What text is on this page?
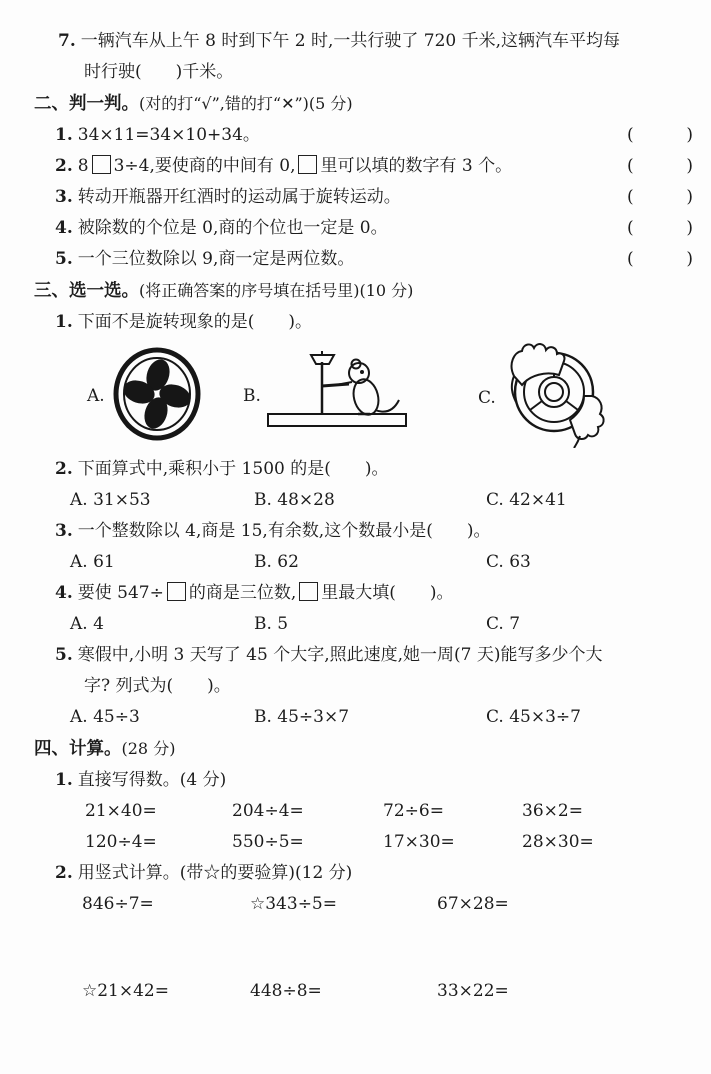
7. 一辆汽车从上午 8 时到下午 2 时,一共行驶了 720 千米,这辆汽车平均每
时行驶(　　)千米。
二、判一判。(对的打“√”,错的打“✕”)(5 分)
1. 34×11=34×10+34。	(	)
2. 8 3÷4,要使商的中间有 0, 里可以填的数字有 3 个。	(	)
3. 转动开瓶器开红酒时的运动属于旋转运动。	(	)
4. 被除数的个位是 0,商的个位也一定是 0。	(	)
5. 一个三位数除以 9,商一定是两位数。	(	)
三、选一选。(将正确答案的序号填在括号里)(10 分)
1. 下面不是旋转现象的是(　　)。
A.	B.	C.
2. 下面算式中,乘积小于 1500 的是(　　)。
A. 31×53	B. 48×28	C. 42×41
3. 一个整数除以 4,商是 15,有余数,这个数最小是(　　)。
A. 61	B. 62	C. 63
4. 要使 547÷ 的商是三位数, 里最大填(　　)。
A. 4	B. 5	C. 7
5. 寒假中,小明 3 天写了 45 个大字,照此速度,她一周(7 天)能写多少个大
字? 列式为(　　)。
A. 45÷3	B. 45÷3×7	C. 45×3÷7
四、计算。(28 分)
1. 直接写得数。(4 分)
21×40=	204÷4=	72÷6=	36×2=
120÷4=	550÷5=	17×30=	28×30=
2. 用竖式计算。(带☆的要验算)(12 分)
846÷7=	☆343÷5=	67×28=
☆21×42=	448÷8=	33×22=
